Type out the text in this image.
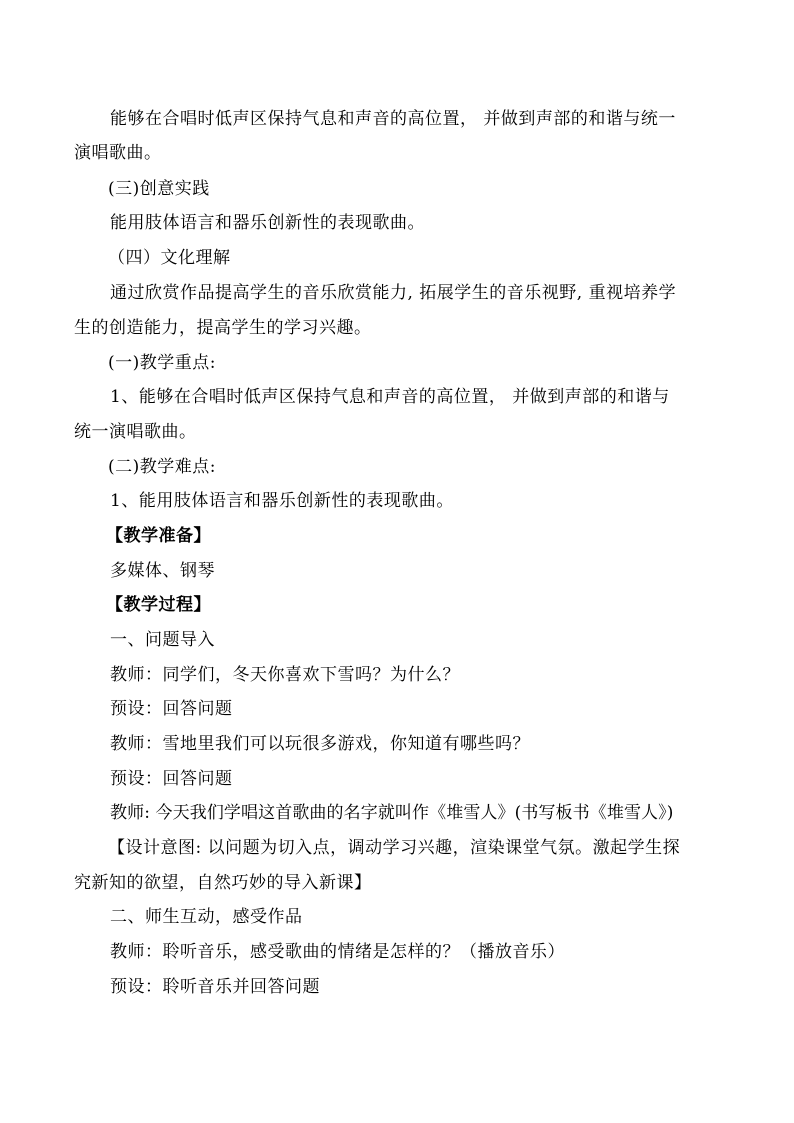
能够在合唱时低声区保持气息和声音的高位置， 并做到声部的和谐与统一
演唱歌曲。
(三)创意实践
能用肢体语言和器乐创新性的表现歌曲。
（四）文化理解
通过欣赏作品提高学生的音乐欣赏能力, 拓展学生的音乐视野, 重视培养学
生的创造能力，提高学生的学习兴趣。
(一)教学重点:
1、能够在合唱时低声区保持气息和声音的高位置， 并做到声部的和谐与
统一演唱歌曲。
(二)教学难点:
1、能用肢体语言和器乐创新性的表现歌曲。
【教学准备】
多媒体、钢琴
【教学过程】
一、问题导入
教师：同学们，冬天你喜欢下雪吗？为什么？
预设：回答问题
教师：雪地里我们可以玩很多游戏，你知道有哪些吗？
预设：回答问题
教师: 今天我们学唱这首歌曲的名字就叫作《堆雪人》(书写板书《堆雪人》)
【设计意图: 以问题为切入点，调动学习兴趣，渲染课堂气氛。激起学生探
究新知的欲望，自然巧妙的导入新课】
二、师生互动，感受作品
教师：聆听音乐，感受歌曲的情绪是怎样的？（播放音乐）
预设：聆听音乐并回答问题
